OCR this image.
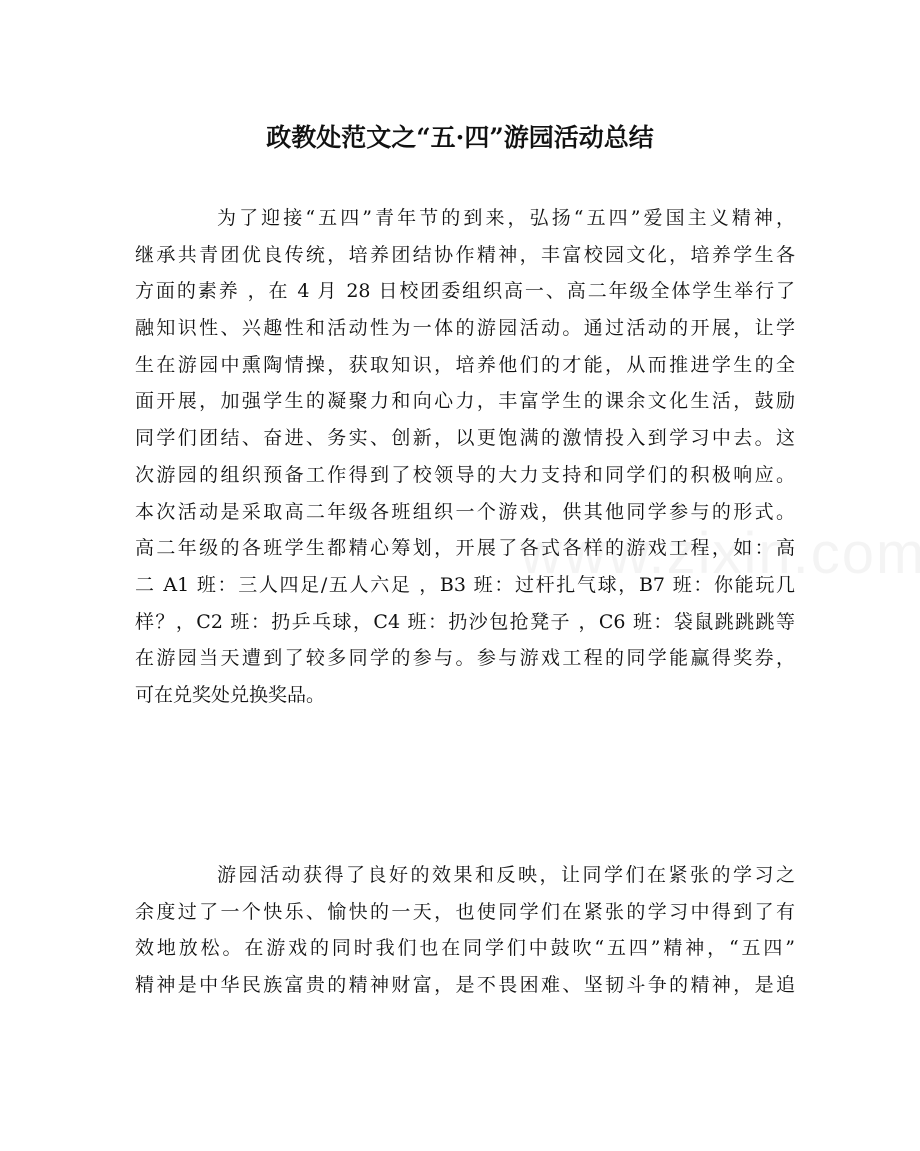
政教处范文之“五·四”游园活动总结
为了迎接“五四”青年节的到来，弘扬“五四”爱国主义精神，
继承共青团优良传统，培养团结协作精神，丰富校园文化，培养学生各
方面的素养 ，在 4 月 28 日校团委组织高一、高二年级全体学生举行了
融知识性、兴趣性和活动性为一体的游园活动。通过活动的开展，让学
生在游园中熏陶情操，获取知识，培养他们的才能，从而推进学生的全
面开展，加强学生的凝聚力和向心力，丰富学生的课余文化生活，鼓励
同学们团结、奋进、务实、创新，以更饱满的激情投入到学习中去。这
次游园的组织预备工作得到了校领导的大力支持和同学们的积极响应。
本次活动是采取高二年级各班组织一个游戏，供其他同学参与的形式。
高二年级的各班学生都精心筹划，开展了各式各样的游戏工程，如：高
二 A1 班：三人四足/五人六足 ，B3 班：过杆扎气球，B7 班：你能玩几
样？，C2 班：扔乒乓球，C4 班：扔沙包抢凳子 ，C6 班：袋鼠跳跳跳等
在游园当天遭到了较多同学的参与。参与游戏工程的同学能赢得奖券，
可在兑奖处兑换奖品。
游园活动获得了良好的效果和反映，让同学们在紧张的学习之
余度过了一个快乐、愉快的一天，也使同学们在紧张的学习中得到了有
效地放松。在游戏的同时我们也在同学们中鼓吹“五四”精神，“五四”
精神是中华民族富贵的精神财富，是不畏困难、坚韧斗争的精神，是追
